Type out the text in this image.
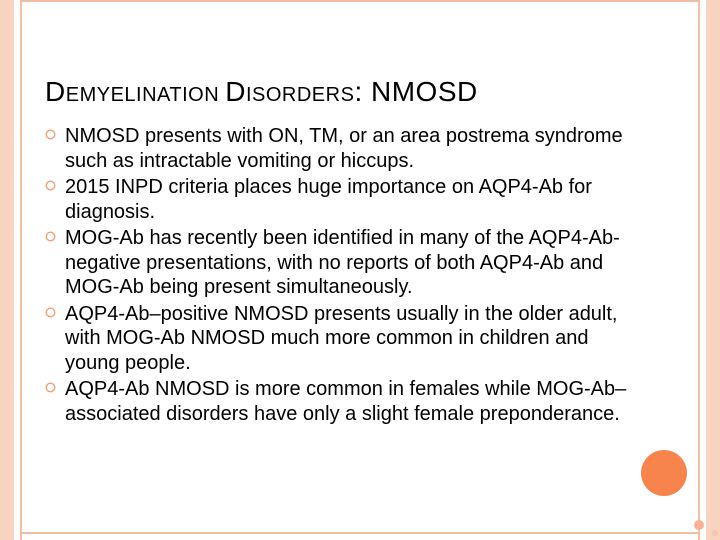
DEMYELINATION DISORDERS: NMOSD
NMOSD presents with ON, TM, or an area postrema syndrome such as intractable vomiting or hiccups.
2015 INPD criteria places huge importance on AQP4-Ab for diagnosis.
MOG-Ab has recently been identified in many of the AQP4-Ab-negative presentations, with no reports of both AQP4-Ab and MOG-Ab being present simultaneously.
AQP4-Ab–positive NMOSD presents usually in the older adult, with MOG-Ab NMOSD much more common in children and young people.
AQP4-Ab NMOSD is more common in females while MOG-Ab–associated disorders have only a slight female preponderance.
